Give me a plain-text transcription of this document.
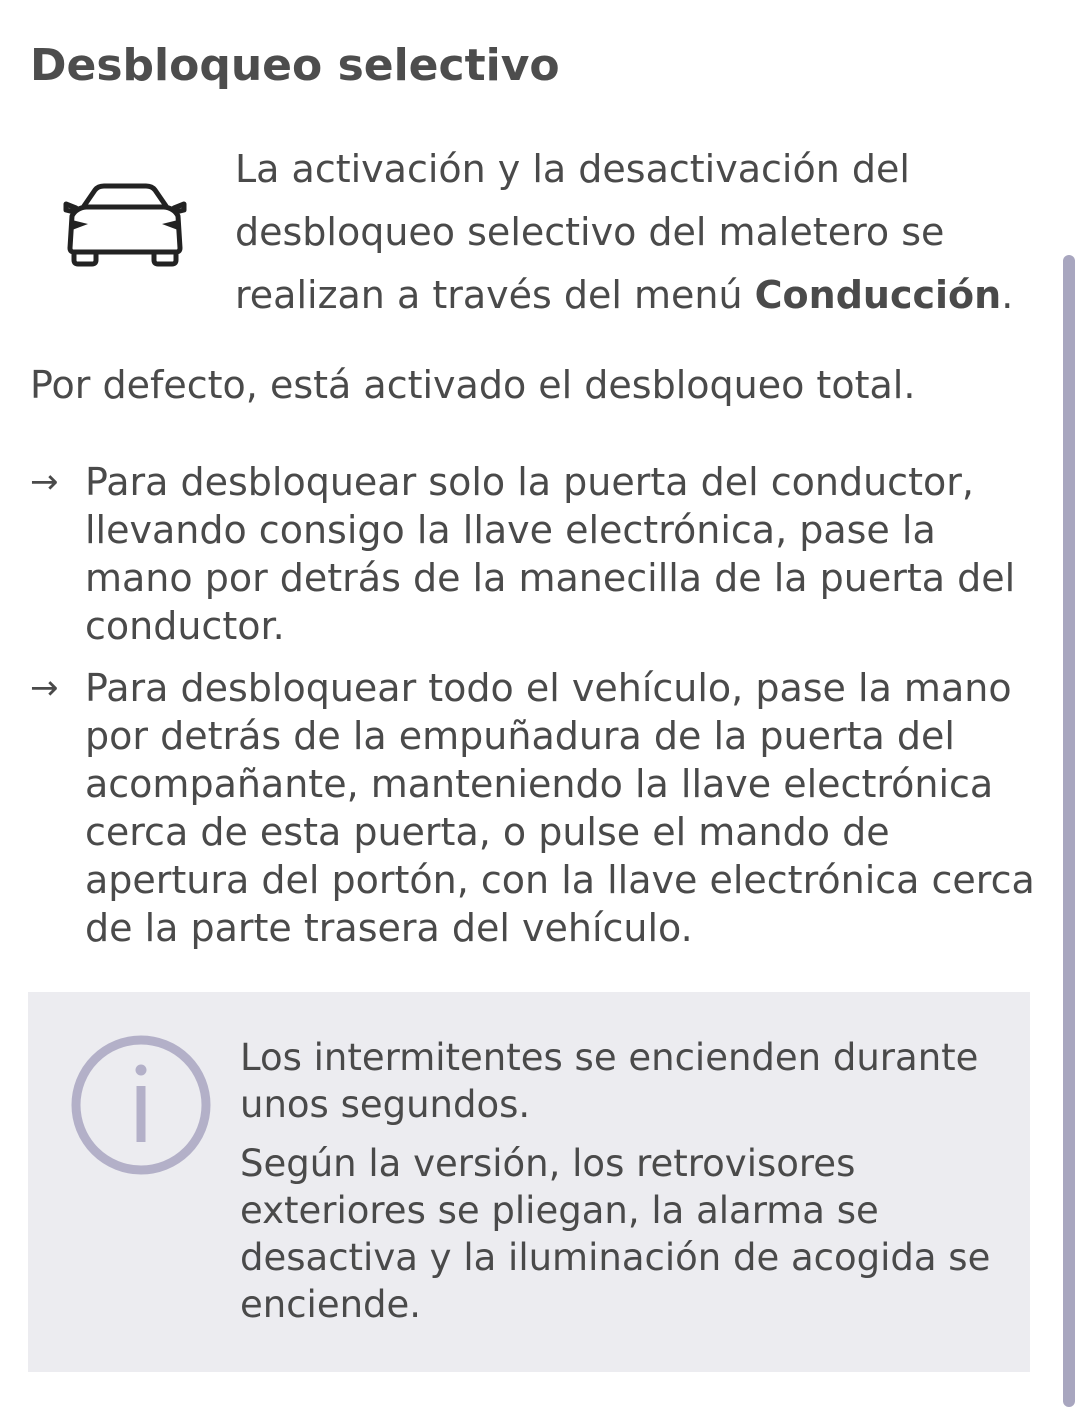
Desbloqueo selectivo

La activación y la desactivación del desbloqueo selectivo del maletero se realizan a través del menú Conducción.

Por defecto, está activado el desbloqueo total.

→ Para desbloquear solo la puerta del conductor, llevando consigo la llave electrónica, pase la mano por detrás de la manecilla de la puerta del conductor.
→ Para desbloquear todo el vehículo, pase la mano por detrás de la empuñadura de la puerta del acompañante, manteniendo la llave electrónica cerca de esta puerta, o pulse el mando de apertura del portón, con la llave electrónica cerca de la parte trasera del vehículo.

Los intermitentes se encienden durante unos segundos.

Según la versión, los retrovisores exteriores se pliegan, la alarma se desactiva y la iluminación de acogida se enciende.
